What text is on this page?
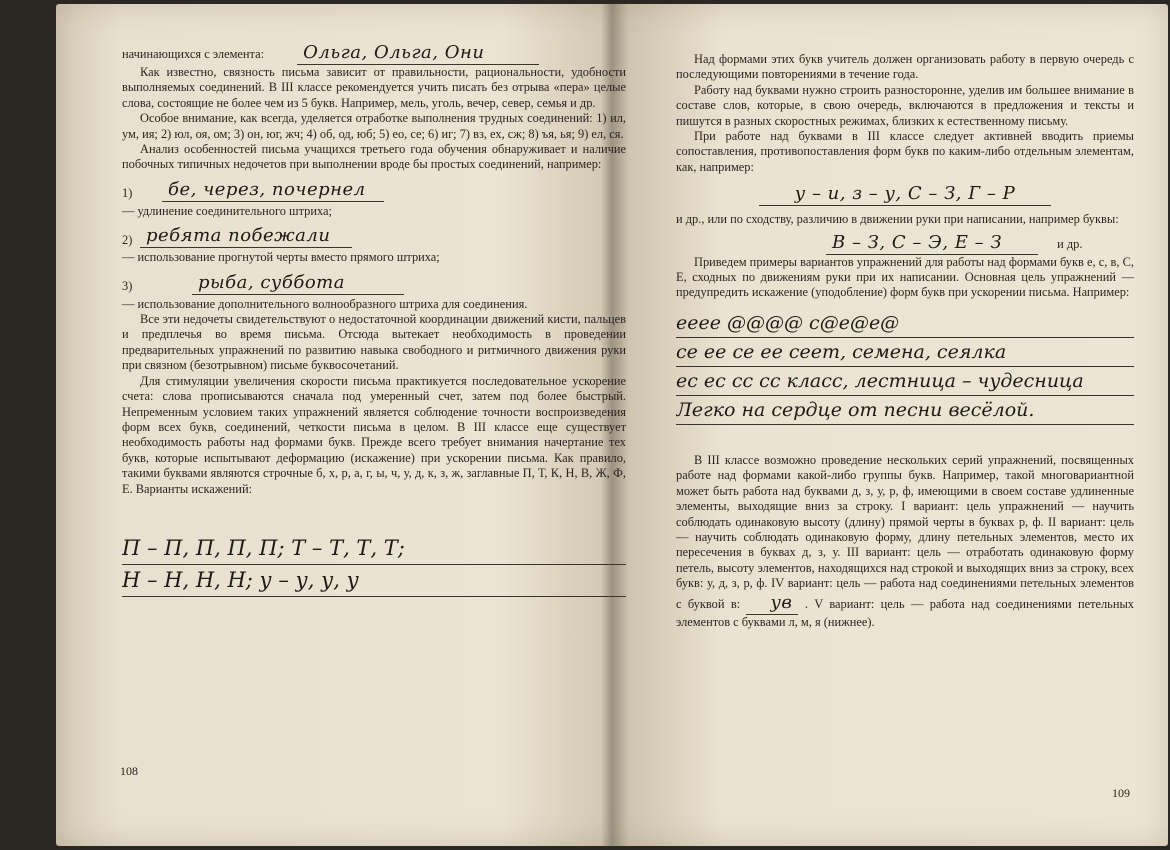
начинающихся с элемента: Ольга, Ольга, Они

Как известно, связность письма зависит от правильности, рациональности, удобности выполняемых соединений. В III классе рекомендуется учить писать без отрыва «пера» целые слова, состоящие не более чем из 5 букв. Например, мель, уголь, вечер, север, семья и др.

Особое внимание, как всегда, уделяется отработке выполнения трудных соединений: 1) ил, ум, ия; 2) юл, оя, ом; 3) он, юг, жч; 4) об, од, юб; 5) ео, се; 6) иг; 7) вз, ех, сж; 8) ъя, ья; 9) ел, ся.

Анализ особенностей письма учащихся третьего года обучения обнаруживает и наличие побочных типичных недочетов при выполнении вроде бы простых соединений, например:

1)	бе, через, почернел

— удлинение соединительного штриха;

2) ребята побежали

— использование прогнутой черты вместо прямого штриха;

3)	рыба, суббота

— использование дополнительного волнообразного штриха для соединения.

Все эти недочеты свидетельствуют о недостаточной координации движений кисти, пальцев и предплечья во время письма. Отсюда вытекает необходимость в проведении предварительных упражнений по развитию навыка свободного и ритмичного движения руки при связном (безотрывном) письме буквосочетаний.

Для стимуляции увеличения скорости письма практикуется последовательное ускорение счета: слова прописываются сначала под умеренный счет, затем под более быстрый. Непременным условием таких упражнений является соблюдение точности воспроизведения форм всех букв, соединений, четкости письма в целом. В III классе еще существует необходимость работы над формами букв. Прежде всего требует внимания начертание тех букв, которые испытывают деформацию (искажение) при ускорении письма. Как правило, такими буквами являются строчные б, х, р, а, г, ы, ч, у, д, к, з, ж, заглавные П, Т, К, Н, В, Ж, Ф, Е. Варианты искажений:

П – П, П, П, П; Т – Т, Т, Т;
Н – Н, Н, Н; у – у, у, у
108

Над формами этих букв учитель должен организовать работу в первую очередь с последующими повторениями в течение года.

Работу над буквами нужно строить разносторонне, уделив им большее внимание в составе слов, которые, в свою очередь, включаются в предложения и тексты и пишутся в разных скоростных режимах, близких к естественному письму.

При работе над буквами в III классе следует активней вводить приемы сопоставления, противопоставления форм букв по каким-либо отдельным элементам, как, например:

у – и, з – у, С – З, Г – Р

и др., или по сходству, различию в движении руки при написании, например буквы:

В – З, С – Э, Е – З	и др.

Приведем примеры вариантов упражнений для работы над формами букв е, с, в, С, Е, сходных по движениям руки при их написании. Основная цель упражнений — предупредить искажение (уподобление) форм букв при ускорении письма. Например:

ееее @@@@ с@е@е@
се ее се ее сеет, семена, сеялка
ес ес сс сс класс, лестница – чудесница
Легко на сердце от песни весёлой.

В III классе возможно проведение нескольких серий упражнений, посвященных работе над формами какой-либо группы букв. Например, такой многовариантной может быть работа над буквами д, з, у, р, ф, имеющими в своем составе удлиненные элементы, выходящие вниз за строку. I вариант: цель упражнений — научить соблюдать одинаковую высоту (длину) прямой черты в буквах р, ф. II вариант: цель — научить соблюдать одинаковую форму, длину петельных элементов, место их пересечения в буквах д, з, у. III вариант: цель — отработать одинаковую форму петель, высоту элементов, находящихся над строкой и выходящих вниз за строку, всех букв: у, д, з, р, ф. IV вариант: цель — работа над соединениями петельных элементов с буквой в: ув . V вариант: цель — работа над соединениями петельных элементов с буквами л, м, я (нижнее).

109
